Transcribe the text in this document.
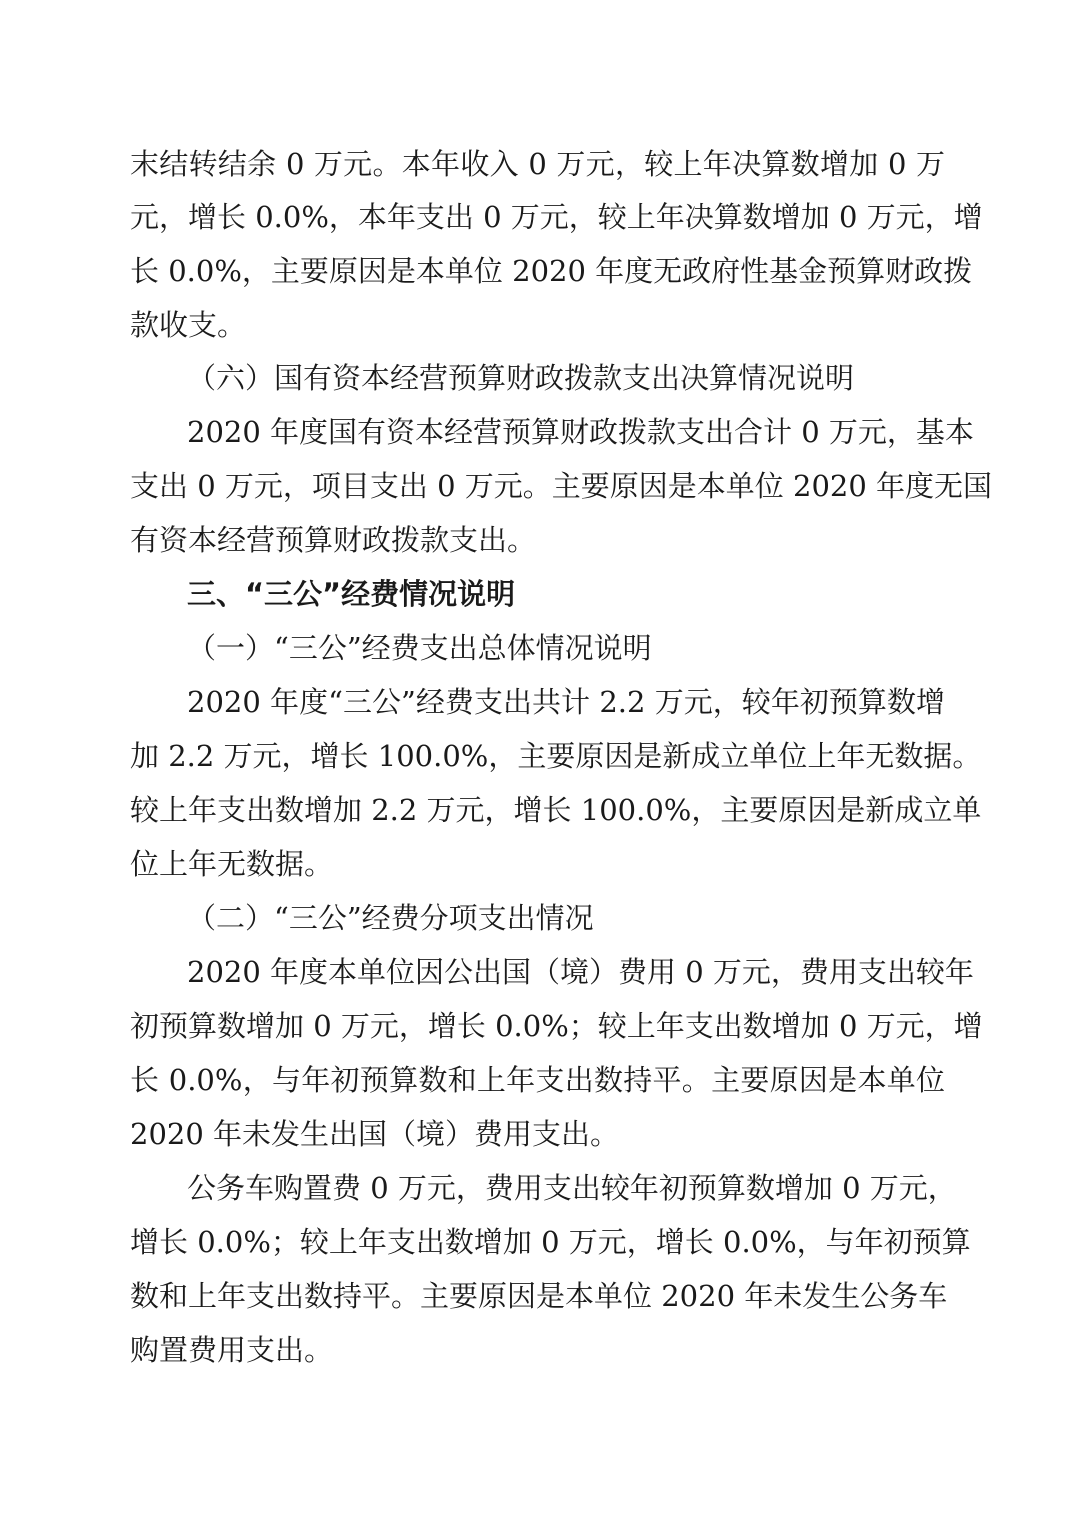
末结转结余 0 万元。本年收入 0 万元，较上年决算数增加 0 万
元，增长 0.0%，本年支出 0 万元，较上年决算数增加 0 万元，增
长 0.0%，主要原因是本单位 2020 年度无政府性基金预算财政拨
款收支。
（六）国有资本经营预算财政拨款支出决算情况说明
2020 年度国有资本经营预算财政拨款支出合计 0 万元，基本
支出 0 万元，项目支出 0 万元。主要原因是本单位 2020 年度无国
有资本经营预算财政拨款支出。
三、“三公”经费情况说明
（一）“三公”经费支出总体情况说明
2020 年度“三公”经费支出共计 2.2 万元，较年初预算数增
加 2.2 万元，增长 100.0%，主要原因是新成立单位上年无数据。
较上年支出数增加 2.2 万元，增长 100.0%，主要原因是新成立单
位上年无数据。
（二）“三公”经费分项支出情况
2020 年度本单位因公出国（境）费用 0 万元，费用支出较年
初预算数增加 0 万元，增长 0.0%；较上年支出数增加 0 万元，增
长 0.0%，与年初预算数和上年支出数持平。主要原因是本单位
2020 年未发生出国（境）费用支出。
公务车购置费 0 万元，费用支出较年初预算数增加 0 万元，
增长 0.0%；较上年支出数增加 0 万元，增长 0.0%，与年初预算
数和上年支出数持平。主要原因是本单位 2020 年未发生公务车
购置费用支出。
